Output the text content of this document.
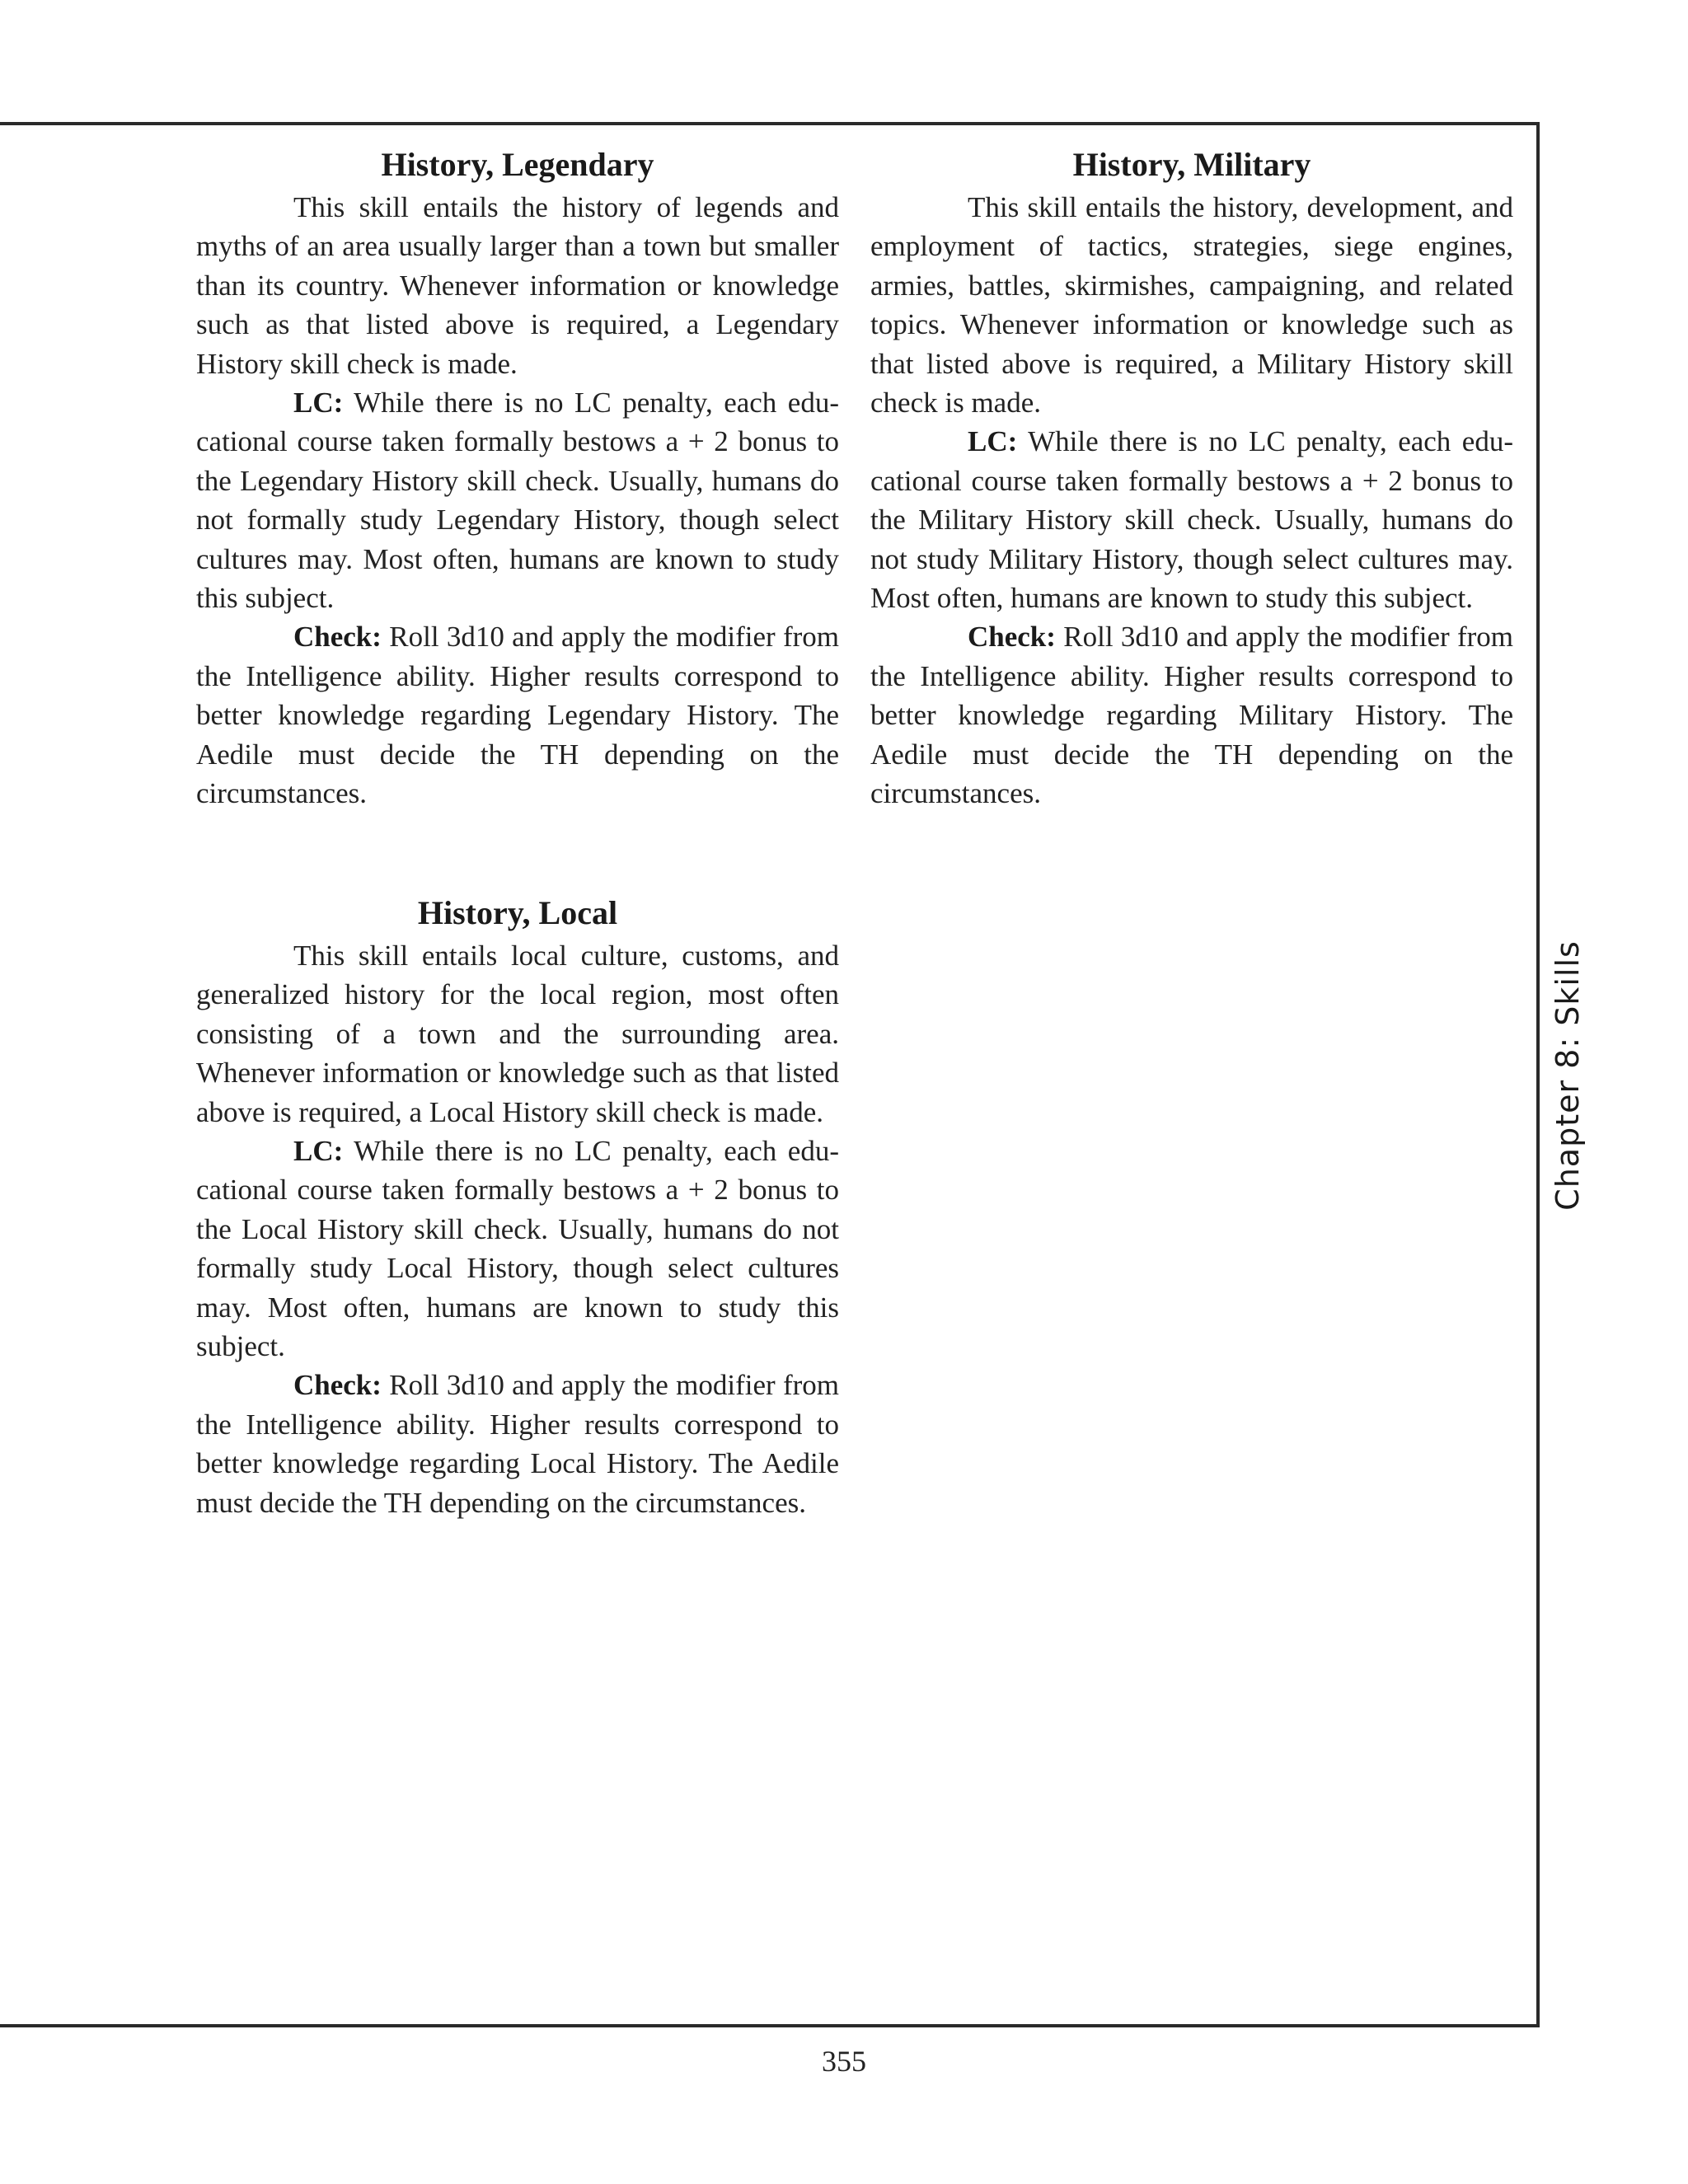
History, Legendary

This skill entails the history of legends and myths of an area usually larger than a town but smaller than its country. Whenever information or knowledge such as that listed above is required, a Legendary History skill check is made.

LC: While there is no LC penalty, each educational course taken formally bestows a + 2 bonus to the Legendary History skill check. Usually, humans do not formally study Legendary History, though select cultures may. Most often, humans are known to study this subject.

Check: Roll 3d10 and apply the modifier from the Intelligence ability. Higher results correspond to better knowledge regarding Legendary History. The Aedile must decide the TH depending on the circumstances.

History, Local

This skill entails local culture, customs, and generalized history for the local region, most often consisting of a town and the surrounding area. Whenever information or knowledge such as that listed above is required, a Local History skill check is made.

LC: While there is no LC penalty, each educational course taken formally bestows a + 2 bonus to the Local History skill check. Usually, humans do not formally study Local History, though select cultures may. Most often, humans are known to study this subject.

Check: Roll 3d10 and apply the modifier from the Intelligence ability. Higher results correspond to better knowledge regarding Local History. The Aedile must decide the TH depending on the circumstances.

History, Military

This skill entails the history, development, and employment of tactics, strategies, siege engines, armies, battles, skirmishes, campaigning, and related topics. Whenever information or knowledge such as that listed above is required, a Military History skill check is made.

LC: While there is no LC penalty, each educational course taken formally bestows a + 2 bonus to the Military History skill check. Usually, humans do not study Military History, though select cultures may. Most often, humans are known to study this subject.

Check: Roll 3d10 and apply the modifier from the Intelligence ability. Higher results correspond to better knowledge regarding Military History. The Aedile must decide the TH depending on the circumstances.

Chapter 8: Skills
355
